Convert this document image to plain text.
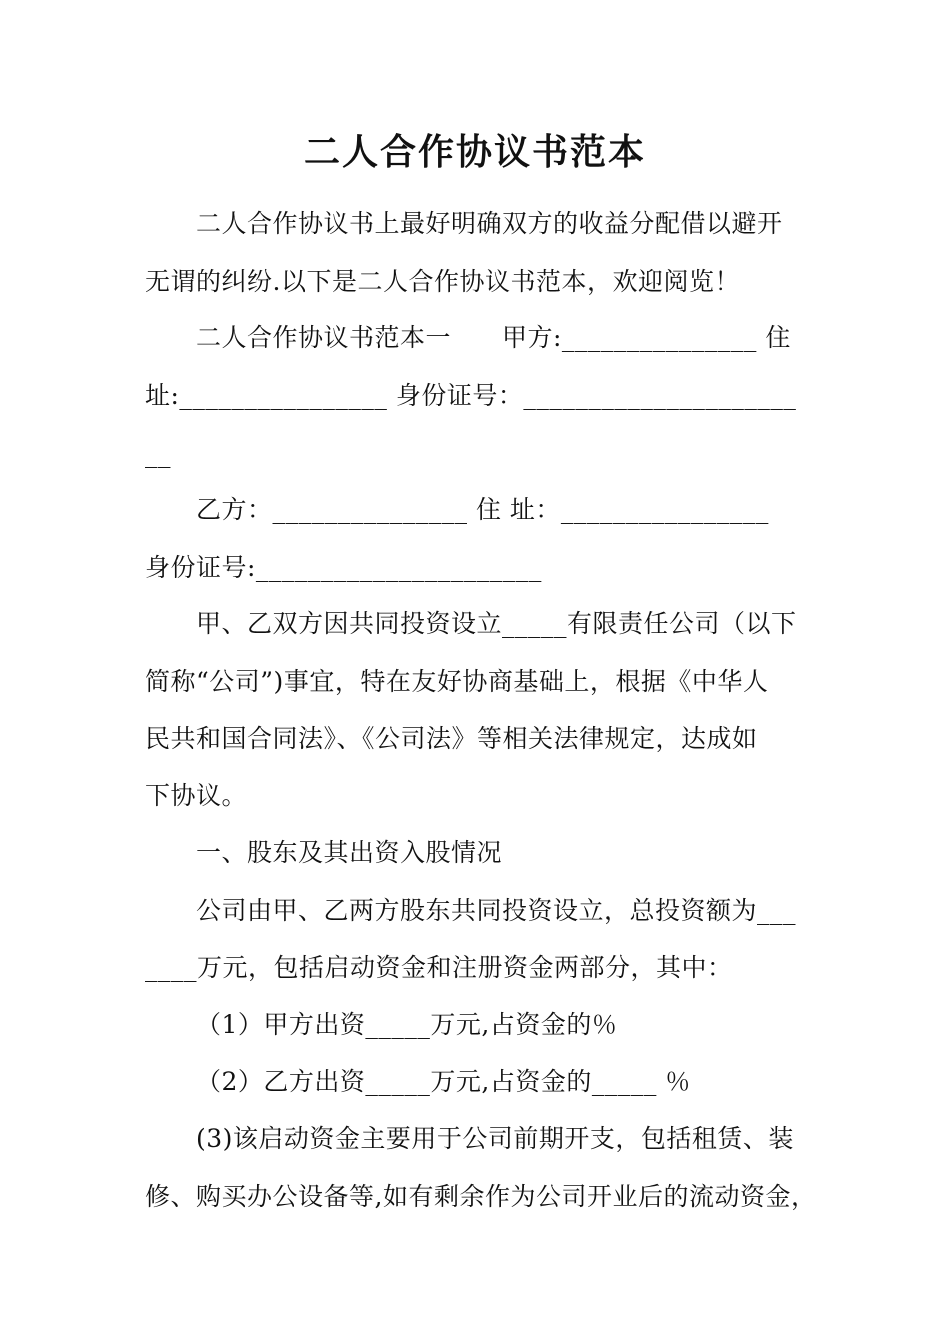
二人合作协议书范本
二人合作协议书上最好明确双方的收益分配借以避开
无谓的纠纷.以下是二人合作协议书范本，欢迎阅览！
二人合作协议书范本一　　甲方:_______________ 住
址:________________ 身份证号：_____________________
__
乙方：_______________ 住 址：________________
身份证号:______________________
甲、乙双方因共同投资设立_____有限责任公司（以下
简称“公司”)事宜，特在友好协商基础上，根据《中华人
民共和国合同法》、《公司法》等相关法律规定，达成如
下协议。
一、股东及其出资入股情况
公司由甲、乙两方股东共同投资设立，总投资额为___
____万元，包括启动资金和注册资金两部分，其中：
（1）甲方出资_____万元,占资金的％
（2）乙方出资_____万元,占资金的_____ ％
(3)该启动资金主要用于公司前期开支，包括租赁、装
修、购买办公设备等,如有剩余作为公司开业后的流动资金，
